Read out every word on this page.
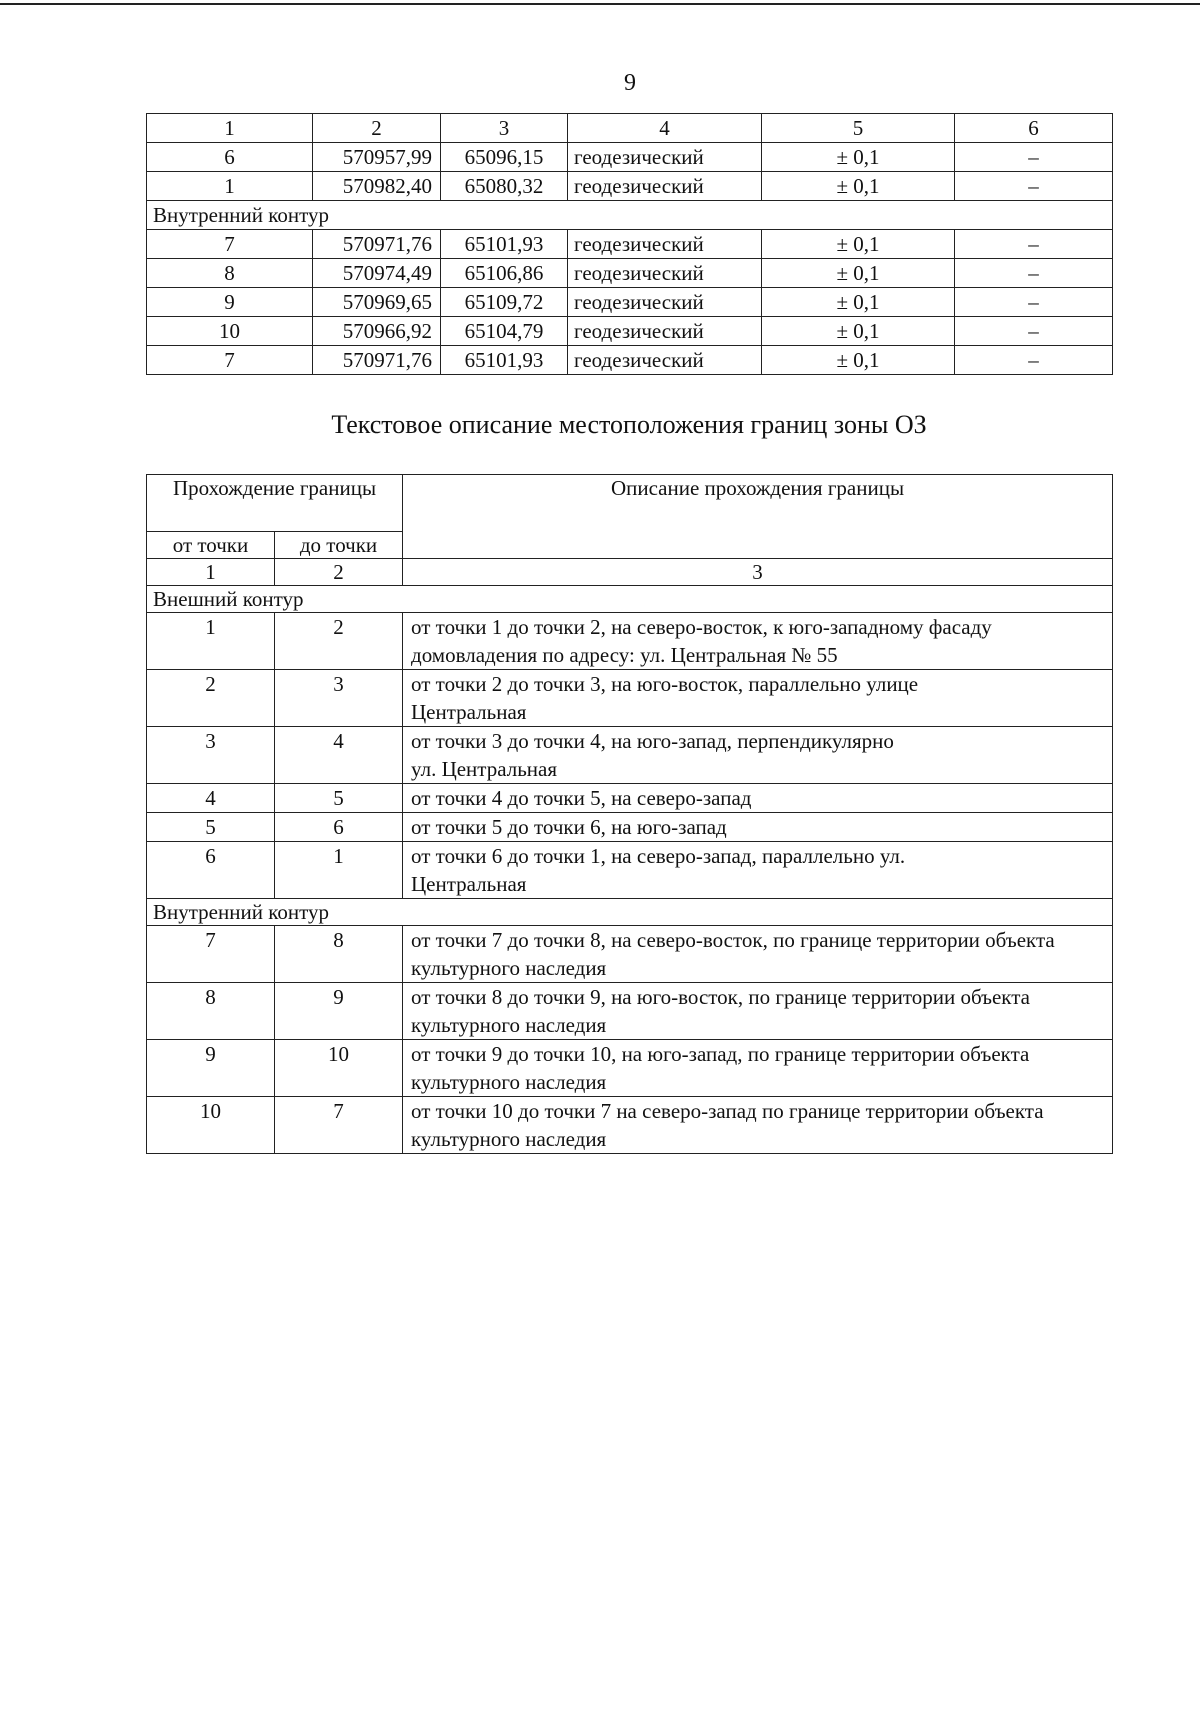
9
1	2	3	4	5	6
6	570957,99	65096,15	геодезический	± 0,1	–
1	570982,40	65080,32	геодезический	± 0,1	–
Внутренний контур					
7	570971,76	65101,93	геодезический	± 0,1	–
8	570974,49	65106,86	геодезический	± 0,1	–
9	570969,65	65109,72	геодезический	± 0,1	–
10	570966,92	65104,79	геодезический	± 0,1	–
7	570971,76	65101,93	геодезический	± 0,1	–
Текстовое описание местоположения границ зоны ОЗ
Прохождение границы		Описание прохождения границы
от точки	до точки	
1	2	3
Внешний контур		
1	2	от точки 1 до точки 2, на северо-восток, к юго-западному фасаду домовладения по адресу: ул. Центральная № 55
2	3	от точки 2 до точки 3, на юго-восток, параллельно улице Центральная
3	4	от точки 3 до точки 4, на юго-запад, перпендикулярно ул. Центральная
4	5	от точки 4 до точки 5, на северо-запад
5	6	от точки 5 до точки 6, на юго-запад
6	1	от точки 6 до точки 1, на северо-запад, параллельно ул. Центральная
Внутренний контур		
7	8	от точки 7 до точки 8, на северо-восток, по границе территории объекта культурного наследия
8	9	от точки 8 до точки 9, на юго-восток, по границе территории объекта культурного наследия
9	10	от точки 9 до точки 10, на юго-запад, по границе территории объекта культурного наследия
10	7	от точки 10 до точки 7 на северо-запад по границе территории объекта культурного наследия
